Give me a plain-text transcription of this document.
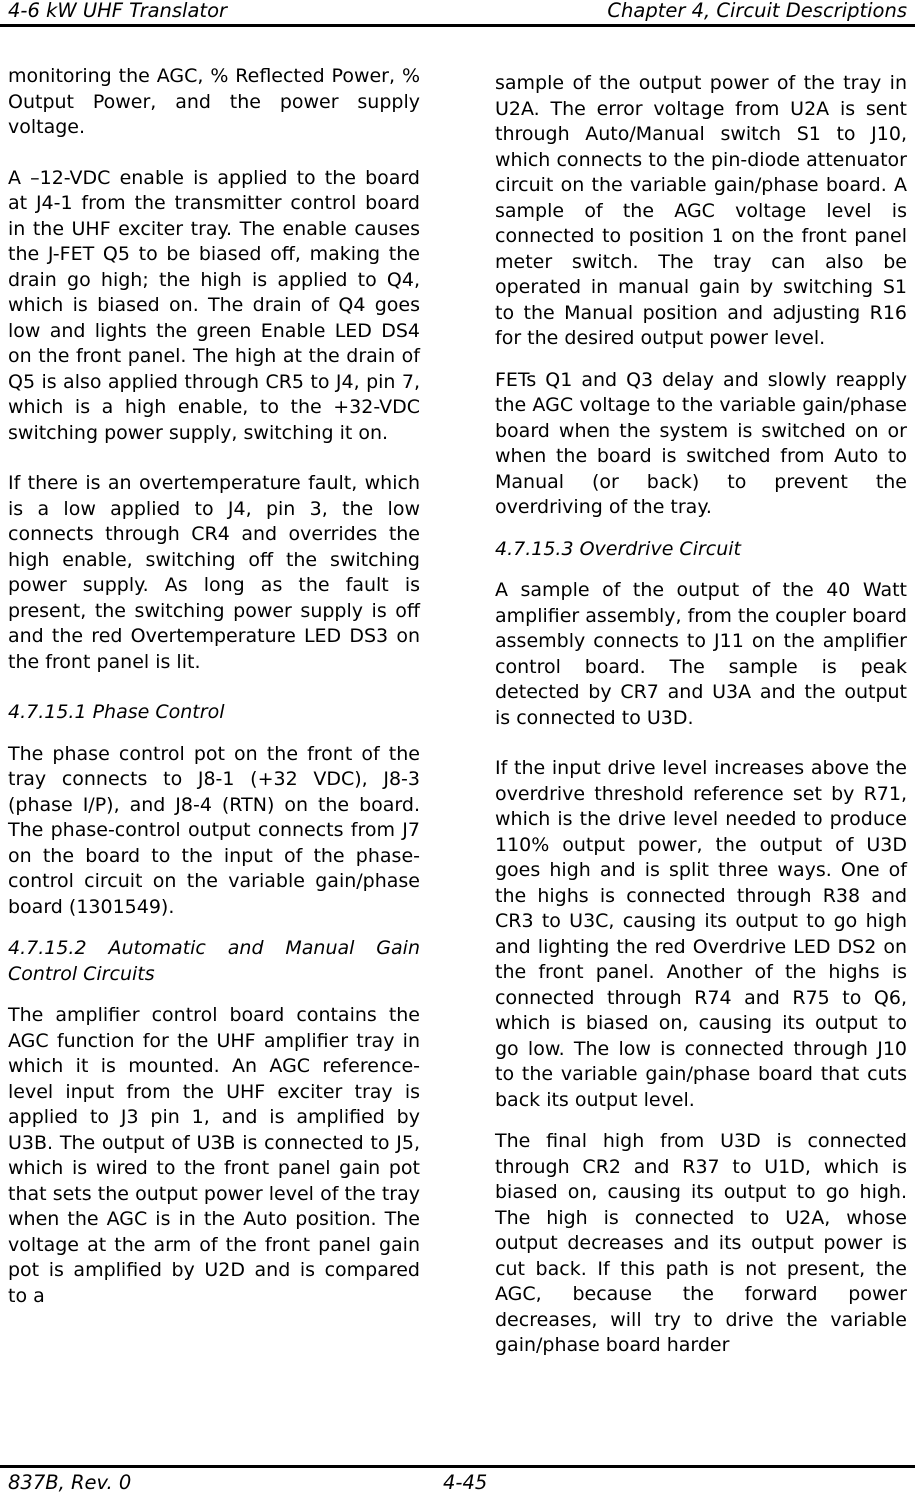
4-6 kW UHF Translator	Chapter 4, Circuit Descriptions

monitoring the AGC, % Reflected Power, % Output Power, and the power supply voltage.

A –12-VDC enable is applied to the board at J4-1 from the transmitter control board in the UHF exciter tray. The enable causes the J-FET Q5 to be biased off, making the drain go high; the high is applied to Q4, which is biased on. The drain of Q4 goes low and lights the green Enable LED DS4 on the front panel. The high at the drain of Q5 is also applied through CR5 to J4, pin 7, which is a high enable, to the +32-VDC switching power supply, switching it on.

If there is an overtemperature fault, which is a low applied to J4, pin 3, the low connects through CR4 and overrides the high enable, switching off the switching power supply. As long as the fault is present, the switching power supply is off and the red Overtemperature LED DS3 on the front panel is lit.

4.7.15.1 Phase Control

The phase control pot on the front of the tray connects to J8-1 (+32 VDC), J8-3 (phase I/P), and J8-4 (RTN) on the board. The phase-control output connects from J7 on the board to the input of the phase-control circuit on the variable gain/phase board (1301549).

4.7.15.2 Automatic and Manual Gain Control Circuits

The amplifier control board contains the AGC function for the UHF amplifier tray in which it is mounted. An AGC reference-level input from the UHF exciter tray is applied to J3 pin 1, and is amplified by U3B. The output of U3B is connected to J5, which is wired to the front panel gain pot that sets the output power level of the tray when the AGC is in the Auto position. The voltage at the arm of the front panel gain pot is amplified by U2D and is compared to a

sample of the output power of the tray in U2A. The error voltage from U2A is sent through Auto/Manual switch S1 to J10, which connects to the pin-diode attenuator circuit on the variable gain/phase board. A sample of the AGC voltage level is connected to position 1 on the front panel meter switch. The tray can also be operated in manual gain by switching S1 to the Manual position and adjusting R16 for the desired output power level.

FETs Q1 and Q3 delay and slowly reapply the AGC voltage to the variable gain/phase board when the system is switched on or when the board is switched from Auto to Manual (or back) to prevent the overdriving of the tray.

4.7.15.3 Overdrive Circuit

A sample of the output of the 40 Watt amplifier assembly, from the coupler board assembly connects to J11 on the amplifier control board. The sample is peak detected by CR7 and U3A and the output is connected to U3D.

If the input drive level increases above the overdrive threshold reference set by R71, which is the drive level needed to produce 110% output power, the output of U3D goes high and is split three ways. One of the highs is connected through R38 and CR3 to U3C, causing its output to go high and lighting the red Overdrive LED DS2 on the front panel. Another of the highs is connected through R74 and R75 to Q6, which is biased on, causing its output to go low. The low is connected through J10 to the variable gain/phase board that cuts back its output level.

The final high from U3D is connected through CR2 and R37 to U1D, which is biased on, causing its output to go high. The high is connected to U2A, whose output decreases and its output power is cut back. If this path is not present, the AGC, because the forward power decreases, will try to drive the variable gain/phase board harder

837B, Rev. 0	4-45
